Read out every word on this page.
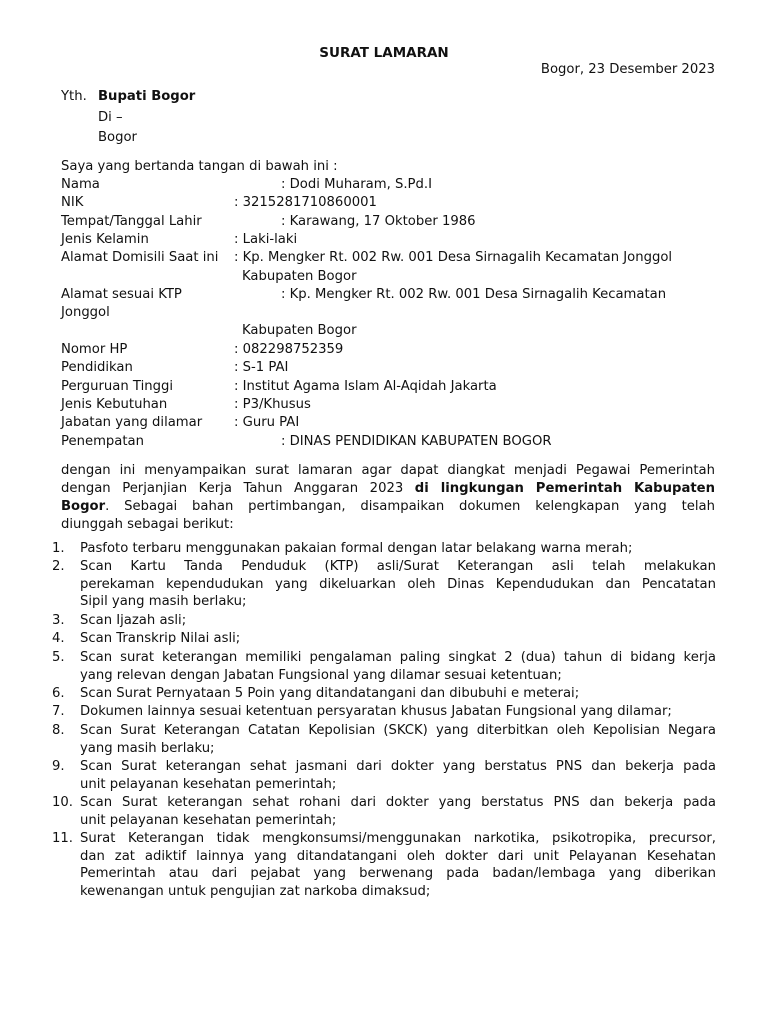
SURAT LAMARAN
Bogor, 23 Desember 2023
Yth. Bupati Bogor
Di –
Bogor
Saya yang bertanda tangan di bawah ini :
Nama	: Dodi Muharam, S.Pd.I
NIK	: 3215281710860001
Tempat/Tanggal Lahir	: Karawang, 17 Oktober 1986
Jenis Kelamin	: Laki-laki
Alamat Domisili Saat ini : Kp. Mengker Rt. 002 Rw. 001 Desa Sirnagalih Kecamatan Jonggol
Kabupaten Bogor
Alamat sesuai KTP	: Kp. Mengker Rt. 002 Rw. 001 Desa Sirnagalih Kecamatan
Jonggol
Kabupaten Bogor
Nomor HP	: 082298752359
Pendidikan	: S-1 PAI
Perguruan Tinggi	: Institut Agama Islam Al-Aqidah Jakarta
Jenis Kebutuhan	: P3/Khusus
Jabatan yang dilamar : Guru PAI
Penempatan	: DINAS PENDIDIKAN KABUPATEN BOGOR
dengan ini menyampaikan surat lamaran agar dapat diangkat menjadi Pegawai Pemerintah
dengan Perjanjian Kerja Tahun Anggaran 2023 di lingkungan Pemerintah Kabupaten
Bogor. Sebagai bahan pertimbangan, disampaikan dokumen kelengkapan yang telah
diunggah sebagai berikut:
1. Pasfoto terbaru menggunakan pakaian formal dengan latar belakang warna merah;
2. Scan Kartu Tanda Penduduk (KTP) asli/Surat Keterangan asli telah melakukan
perekaman kependudukan yang dikeluarkan oleh Dinas Kependudukan dan Pencatatan
Sipil yang masih berlaku;
3. Scan Ijazah asli;
4. Scan Transkrip Nilai asli;
5. Scan surat keterangan memiliki pengalaman paling singkat 2 (dua) tahun di bidang kerja
yang relevan dengan Jabatan Fungsional yang dilamar sesuai ketentuan;
6. Scan Surat Pernyataan 5 Poin yang ditandatangani dan dibubuhi e meterai;
7. Dokumen lainnya sesuai ketentuan persyaratan khusus Jabatan Fungsional yang dilamar;
8. Scan Surat Keterangan Catatan Kepolisian (SKCK) yang diterbitkan oleh Kepolisian Negara
yang masih berlaku;
9. Scan Surat keterangan sehat jasmani dari dokter yang berstatus PNS dan bekerja pada
unit pelayanan kesehatan pemerintah;
10. Scan Surat keterangan sehat rohani dari dokter yang berstatus PNS dan bekerja pada
unit pelayanan kesehatan pemerintah;
11. Surat Keterangan tidak mengkonsumsi/menggunakan narkotika, psikotropika, precursor,
dan zat adiktif lainnya yang ditandatangani oleh dokter dari unit Pelayanan Kesehatan
Pemerintah atau dari pejabat yang berwenang pada badan/lembaga yang diberikan
kewenangan untuk pengujian zat narkoba dimaksud;
